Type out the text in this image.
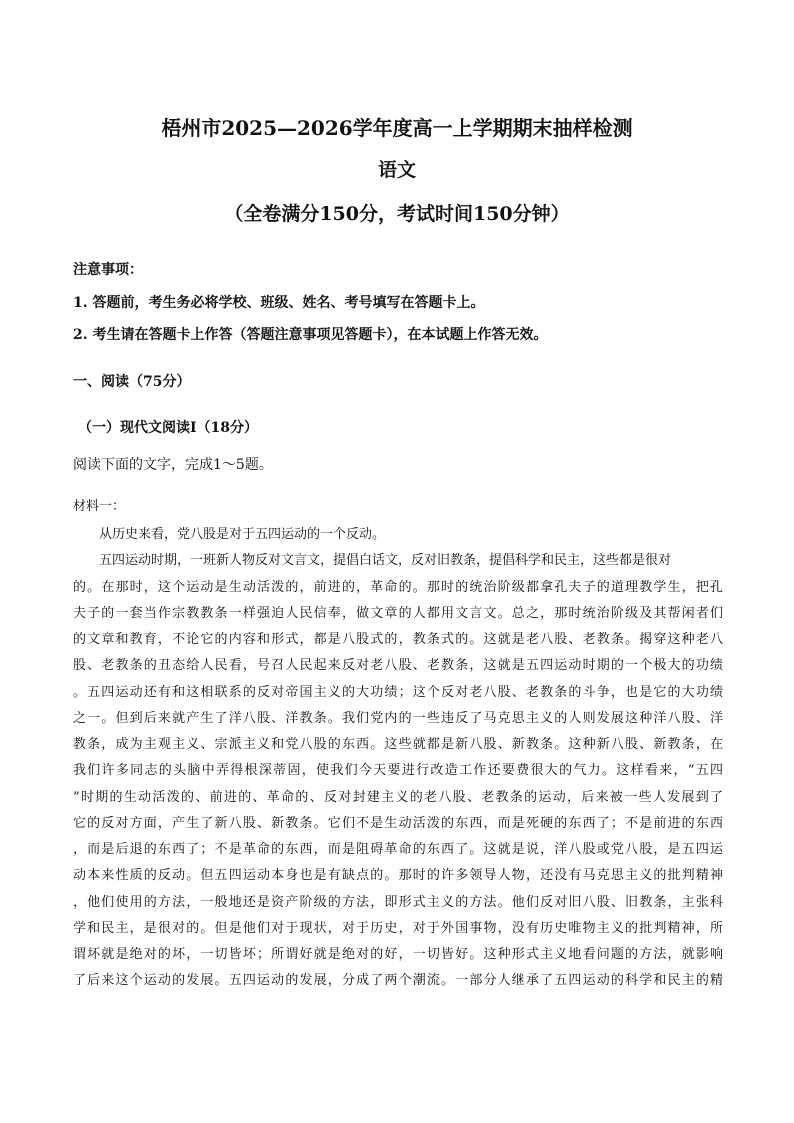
梧州市2025—2026学年度高一上学期期末抽样检测
语文
（全卷满分150分，考试时间150分钟）
注意事项：
1. 答题前，考生务必将学校、班级、姓名、考号填写在答题卡上。
2. 考生请在答题卡上作答（答题注意事项见答题卡），在本试题上作答无效。
一、阅读（75分）
（一）现代文阅读I（18分）
阅读下面的文字，完成1～5题。
材料一：
从历史来看，党八股是对于五四运动的一个反动。
五四运动时期，一班新人物反对文言文，提倡白话文，反对旧教条，提倡科学和民主，这些都是很对
的。在那时，这个运动是生动活泼的，前进的，革命的。那时的统治阶级都拿孔夫子的道理教学生，把孔
夫子的一套当作宗教教条一样强迫人民信奉，做文章的人都用文言文。总之，那时统治阶级及其帮闲者们
的文章和教育，不论它的内容和形式，都是八股式的，教条式的。这就是老八股、老教条。揭穿这种老八
股、老教条的丑态给人民看，号召人民起来反对老八股、老教条，这就是五四运动时期的一个极大的功绩
。五四运动还有和这相联系的反对帝国主义的大功绩；这个反对老八股、老教条的斗争，也是它的大功绩
之一。但到后来就产生了洋八股、洋教条。我们党内的一些违反了马克思主义的人则发展这种洋八股、洋
教条，成为主观主义、宗派主义和党八股的东西。这些就都是新八股、新教条。这种新八股、新教条，在
我们许多同志的头脑中弄得根深蒂固，使我们今天要进行改造工作还要费很大的气力。这样看来，“五四
”时期的生动活泼的、前进的、革命的、反对封建主义的老八股、老教条的运动，后来被一些人发展到了
它的反对方面，产生了新八股、新教条。它们不是生动活泼的东西，而是死硬的东西了；不是前进的东西
，而是后退的东西了；不是革命的东西，而是阻碍革命的东西了。这就是说，洋八股或党八股，是五四运
动本来性质的反动。但五四运动本身也是有缺点的。那时的许多领导人物，还没有马克思主义的批判精神
，他们使用的方法，一般地还是资产阶级的方法，即形式主义的方法。他们反对旧八股、旧教条，主张科
学和民主，是很对的。但是他们对于现状，对于历史，对于外国事物，没有历史唯物主义的批判精神，所
谓坏就是绝对的坏，一切皆坏；所谓好就是绝对的好，一切皆好。这种形式主义地看问题的方法，就影响
了后来这个运动的发展。五四运动的发展，分成了两个潮流。一部分人继承了五四运动的科学和民主的精
